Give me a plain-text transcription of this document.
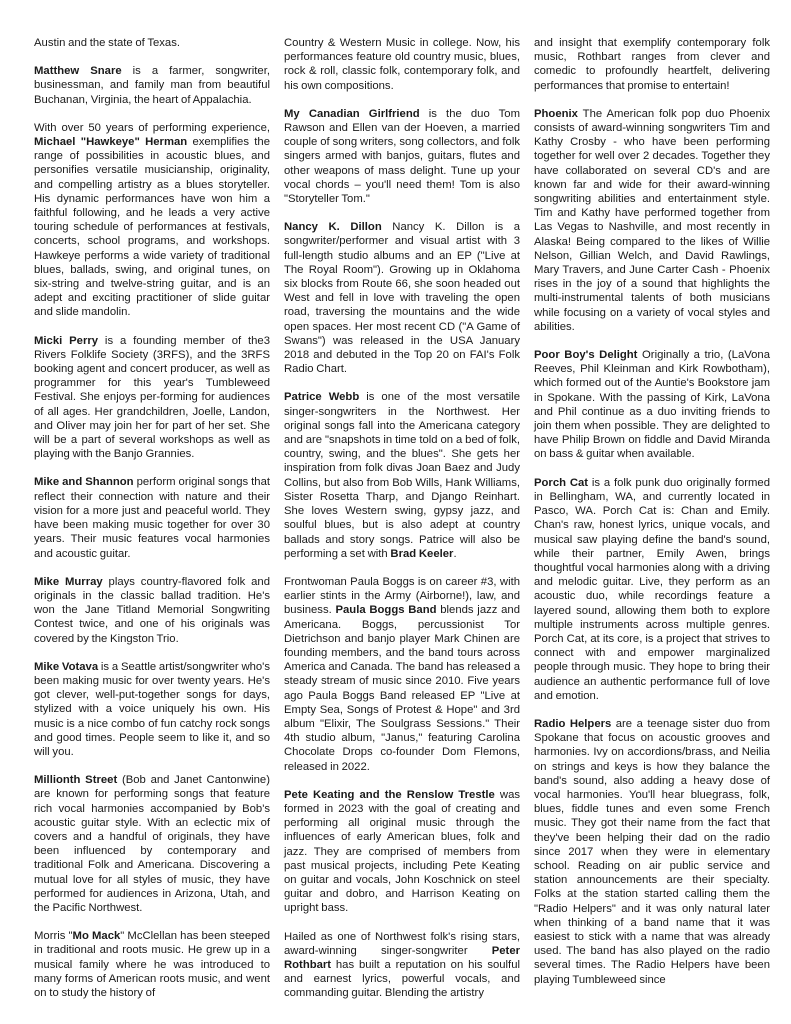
Austin and the state of Texas.

Matthew Snare is a farmer, songwriter, businessman, and family man from beautiful Buchanan, Virginia, the heart of Appalachia.

With over 50 years of performing experience, Michael "Hawkeye" Herman exemplifies the range of possibilities in acoustic blues, and personifies versatile musicianship, originality, and compelling artistry as a blues storyteller. His dynamic performances have won him a faithful following, and he leads a very active touring schedule of performances at festivals, concerts, school programs, and workshops. Hawkeye performs a wide variety of traditional blues, ballads, swing, and original tunes, on six-string and twelve-string guitar, and is an adept and exciting practitioner of slide guitar and slide mandolin.

Micki Perry is a founding member of the3 Rivers Folklife Society (3RFS), and the 3RFS booking agent and concert producer, as well as programmer for this year's Tumbleweed Festival. She enjoys per-forming for audiences of all ages. Her grandchildren, Joelle, Landon, and Oliver may join her for part of her set. She will be a part of several workshops as well as playing with the Banjo Grannies.

Mike and Shannon perform original songs that reflect their connection with nature and their vision for a more just and peaceful world. They have been making music together for over 30 years. Their music features vocal harmonies and acoustic guitar.

Mike Murray plays country-flavored folk and originals in the classic ballad tradition. He's won the Jane Titland Memorial Songwriting Contest twice, and one of his originals was covered by the Kingston Trio.

Mike Votava is a Seattle artist/songwriter who's been making music for over twenty years. He's got clever, well-put-together songs for days, stylized with a voice uniquely his own. His music is a nice combo of fun catchy rock songs and good times. People seem to like it, and so will you.

Millionth Street (Bob and Janet Cantonwine) are known for performing songs that feature rich vocal harmonies accompanied by Bob's acoustic guitar style. With an eclectic mix of covers and a handful of originals, they have been influenced by contemporary and traditional Folk and Americana. Discovering a mutual love for all styles of music, they have performed for audiences in Arizona, Utah, and the Pacific Northwest.

Morris "Mo Mack" McClellan has been steeped in traditional and roots music. He grew up in a musical family where he was introduced to many forms of American roots music, and went on to study the history of

Country & Western Music in college. Now, his performances feature old country music, blues, rock & roll, classic folk, contemporary folk, and his own compositions.

My Canadian Girlfriend is the duo Tom Rawson and Ellen van der Hoeven, a married couple of song writers, song collectors, and folk singers armed with banjos, guitars, flutes and other weapons of mass delight. Tune up your vocal chords – you'll need them! Tom is also "Storyteller Tom."

Nancy K. Dillon Nancy K. Dillon is a songwriter/performer and visual artist with 3 full-length studio albums and an EP ("Live at The Royal Room"). Growing up in Oklahoma six blocks from Route 66, she soon headed out West and fell in love with traveling the open road, traversing the mountains and the wide open spaces. Her most recent CD ("A Game of Swans") was released in the USA January 2018 and debuted in the Top 20 on FAI's Folk Radio Chart.

Patrice Webb is one of the most versatile singer-songwriters in the Northwest. Her original songs fall into the Americana category and are "snapshots in time told on a bed of folk, country, swing, and the blues". She gets her inspiration from folk divas Joan Baez and Judy Collins, but also from Bob Wills, Hank Williams, Sister Rosetta Tharp, and Django Reinhart. She loves Western swing, gypsy jazz, and soulful blues, but is also adept at country ballads and story songs. Patrice will also be performing a set with Brad Keeler.

Frontwoman Paula Boggs is on career #3, with earlier stints in the Army (Airborne!), law, and business. Paula Boggs Band blends jazz and Americana. Boggs, percussionist Tor Dietrichson and banjo player Mark Chinen are founding members, and the band tours across America and Canada. The band has released a steady stream of music since 2010. Five years ago Paula Boggs Band released EP "Live at Empty Sea, Songs of Protest & Hope" and 3rd album "Elixir, The Soulgrass Sessions." Their 4th studio album, "Janus," featuring Carolina Chocolate Drops co-founder Dom Flemons, released in 2022.

Pete Keating and the Renslow Trestle was formed in 2023 with the goal of creating and performing all original music through the influences of early American blues, folk and jazz. They are comprised of members from past musical projects, including Pete Keating on guitar and vocals, John Koschnick on steel guitar and dobro, and Harrison Keating on upright bass.

Hailed as one of Northwest folk's rising stars, award-winning singer-songwriter Peter Rothbart has built a reputation on his soulful and earnest lyrics, powerful vocals, and commanding guitar. Blending the artistry

and insight that exemplify contemporary folk music, Rothbart ranges from clever and comedic to profoundly heartfelt, delivering performances that promise to entertain!

Phoenix The American folk pop duo Phoenix consists of award-winning songwriters Tim and Kathy Crosby - who have been performing together for well over 2 decades. Together they have collaborated on several CD's and are known far and wide for their award-winning songwriting abilities and entertainment style. Tim and Kathy have performed together from Las Vegas to Nashville, and most recently in Alaska! Being compared to the likes of Willie Nelson, Gillian Welch, and David Rawlings, Mary Travers, and June Carter Cash - Phoenix rises in the joy of a sound that highlights the multi-instrumental talents of both musicians while focusing on a variety of vocal styles and abilities.

Poor Boy's Delight Originally a trio, (LaVona Reeves, Phil Kleinman and Kirk Rowbotham), which formed out of the Auntie's Bookstore jam in Spokane. With the passing of Kirk, LaVona and Phil continue as a duo inviting friends to join them when possible. They are delighted to have Philip Brown on fiddle and David Miranda on bass & guitar when available.

Porch Cat is a folk punk duo originally formed in Bellingham, WA, and currently located in Pasco, WA. Porch Cat is: Chan and Emily. Chan's raw, honest lyrics, unique vocals, and musical saw playing define the band's sound, while their partner, Emily Awen, brings thoughtful vocal harmonies along with a driving and melodic guitar. Live, they perform as an acoustic duo, while recordings feature a layered sound, allowing them both to explore multiple instruments across multiple genres. Porch Cat, at its core, is a project that strives to connect with and empower marginalized people through music. They hope to bring their audience an authentic performance full of love and emotion.

Radio Helpers are a teenage sister duo from Spokane that focus on acoustic grooves and harmonies. Ivy on accordions/brass, and Neilia on strings and keys is how they balance the band's sound, also adding a heavy dose of vocal harmonies. You'll hear bluegrass, folk, blues, fiddle tunes and even some French music. They got their name from the fact that they've been helping their dad on the radio since 2017 when they were in elementary school. Reading on air public service and station announcements are their specialty. Folks at the station started calling them the "Radio Helpers" and it was only natural later when thinking of a band name that it was easiest to stick with a name that was already used. The band has also played on the radio several times. The Radio Helpers have been playing Tumbleweed since
